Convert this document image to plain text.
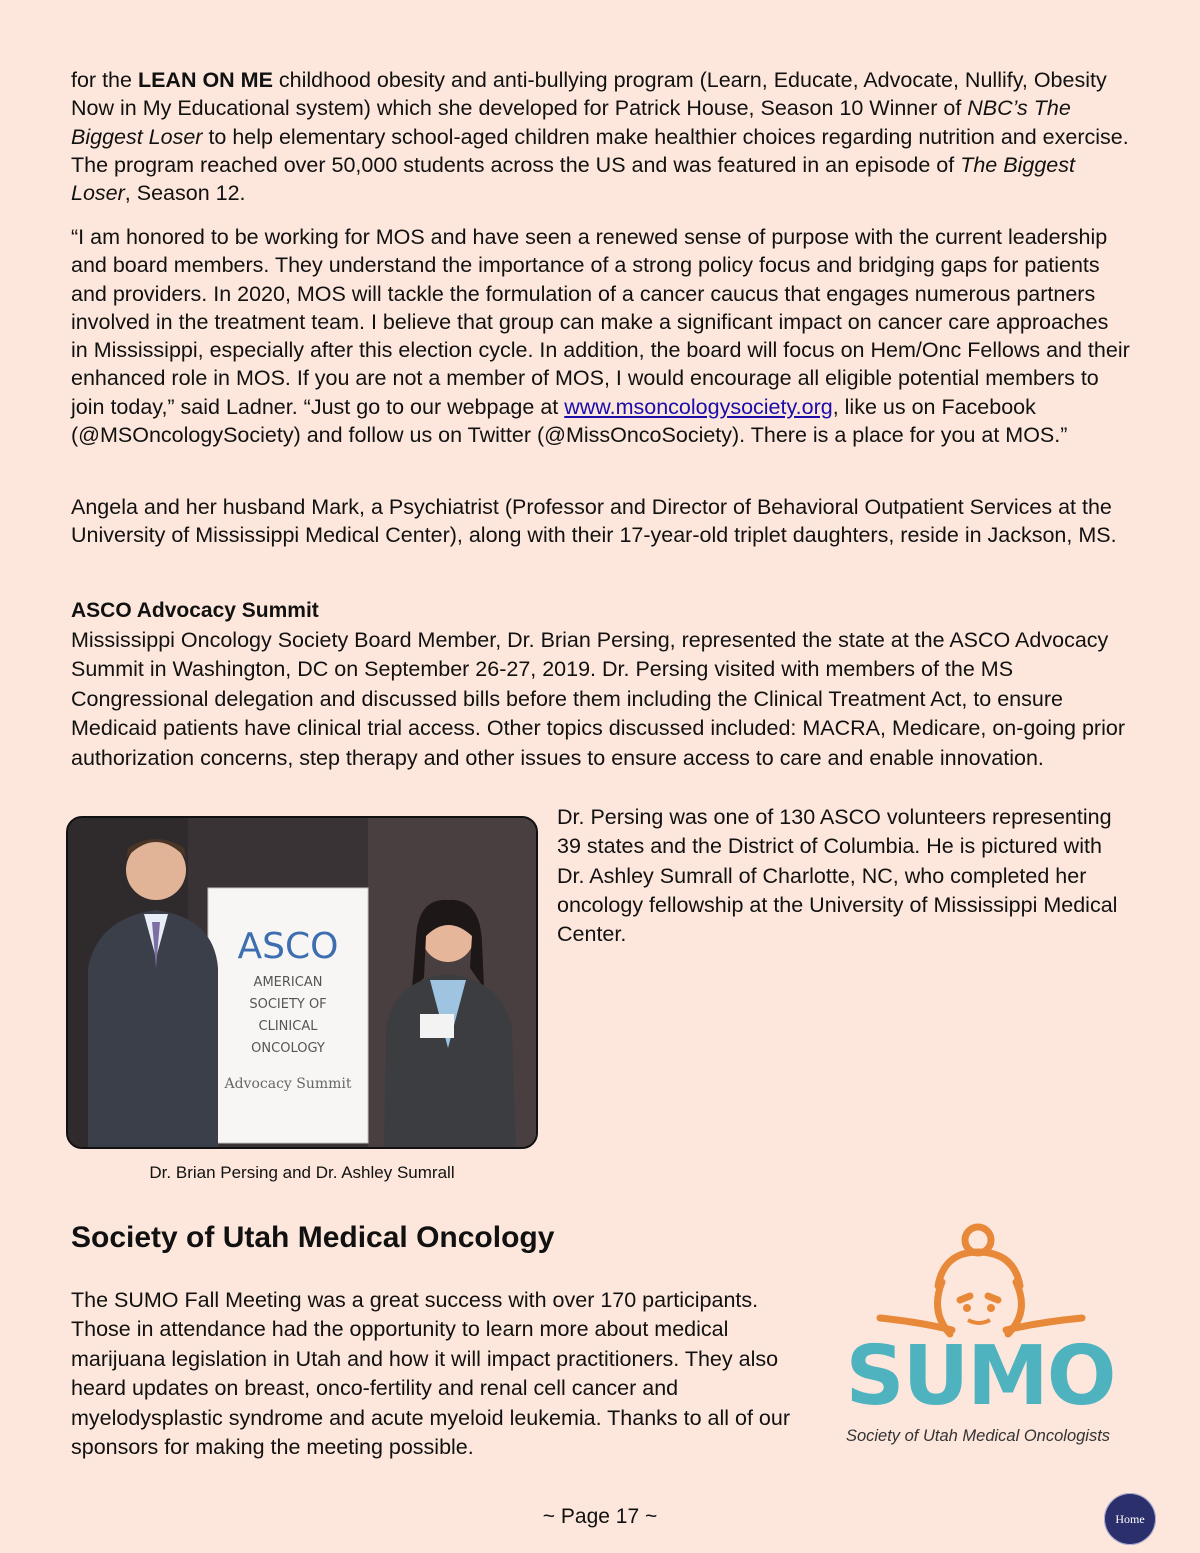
for the LEAN ON ME childhood obesity and anti-bullying program (Learn, Educate, Advocate, Nullify, Obesity Now in My Educational system) which she developed for Patrick House, Season 10 Winner of NBC’s The Biggest Loser to help elementary school-aged children make healthier choices regarding nutrition and exercise. The program reached over 50,000 students across the US and was featured in an episode of The Biggest Loser, Season 12.

“I am honored to be working for MOS and have seen a renewed sense of purpose with the current leadership and board members. They understand the importance of a strong policy focus and bridging gaps for patients and providers. In 2020, MOS will tackle the formulation of a cancer caucus that engages numerous partners involved in the treatment team. I believe that group can make a significant impact on cancer care approaches in Mississippi, especially after this election cycle. In addition, the board will focus on Hem/Onc Fellows and their enhanced role in MOS. If you are not a member of MOS, I would encourage all eligible potential members to join today,” said Ladner. “Just go to our webpage at www.msoncologysociety.org, like us on Facebook (@MSOncologySociety) and follow us on Twitter (@MissOncoSociety). There is a place for you at MOS.”

Angela and her husband Mark, a Psychiatrist (Professor and Director of Behavioral Outpatient Services at the University of Mississippi Medical Center), along with their 17-year-old triplet daughters, reside in Jackson, MS.

ASCO Advocacy Summit

Mississippi Oncology Society Board Member, Dr. Brian Persing, represented the state at the ASCO Advocacy Summit in Washington, DC on September 26-27, 2019. Dr. Persing visited with members of the MS Congressional delegation and discussed bills before them including the Clinical Treatment Act, to ensure Medicaid patients have clinical trial access. Other topics discussed included: MACRA, Medicare, on-going prior authorization concerns, step therapy and other issues to ensure access to care and enable innovation.

ASCO
AMERICAN
SOCIETY OF
CLINICAL
ONCOLOGY
Advocacy Summit

Dr. Brian Persing and Dr. Ashley Sumrall

Dr. Persing was one of 130 ASCO volunteers representing 39 states and the District of Columbia. He is pictured with Dr. Ashley Sumrall of Charlotte, NC, who completed her oncology fellowship at the University of Mississippi Medical Center.

Society of Utah Medical Oncology

The SUMO Fall Meeting was a great success with over 170 participants. Those in attendance had the opportunity to learn more about medical marijuana legislation in Utah and how it will impact practitioners. They also heard updates on breast, onco-fertility and renal cell cancer and myelodysplastic syndrome and acute myeloid leukemia. Thanks to all of our sponsors for making the meeting possible.

SUMO

Society of Utah Medical Oncologists

~ Page 17 ~	Home
